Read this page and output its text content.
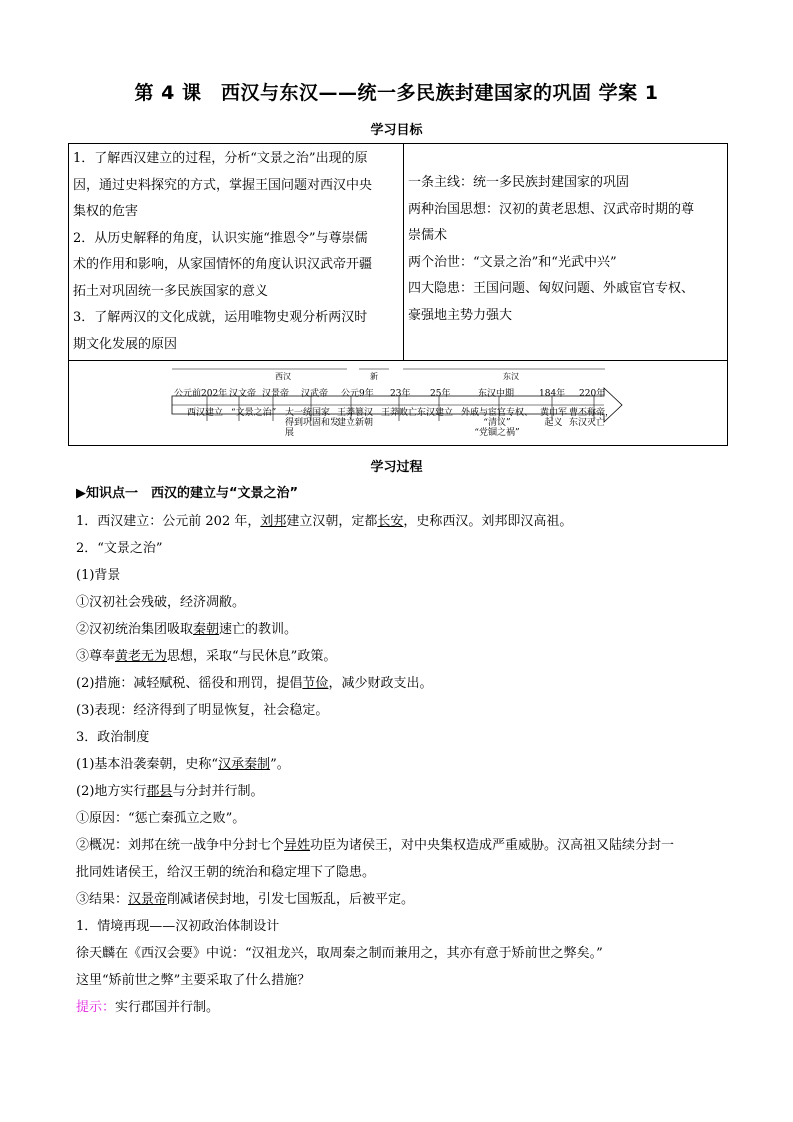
第 4 课　西汉与东汉——统一多民族封建国家的巩固 学案 1
学习目标
1．了解西汉建立的过程，分析“文景之治”出现的原
因，通过史料探究的方式，掌握王国问题对西汉中央
集权的危害
2．从历史解释的角度，认识实施“推恩令”与尊崇儒
术的作用和影响，从家国情怀的角度认识汉武帝开疆
拓土对巩固统一多民族国家的意义
3．了解两汉的文化成就，运用唯物史观分析两汉时
期文化发展的原因

一条主线：统一多民族封建国家的巩固
两种治国思想：汉初的黄老思想、汉武帝时期的尊
崇儒术
两个治世：“文景之治”和“光武中兴”
四大隐患：王国问题、匈奴问题、外戚宦官专权、
豪强地主势力强大

西汉	新	东汉
公元前202年 汉文帝 汉景帝 汉武帝 公元9年 23年 25年	东汉中期	184年 220年
西汉建立 “文景之治” 大一统国家
得到巩固和发
展
王莽篡汉
建立新朝
王莽败亡 东汉建立 外戚与宦官专权、
“清议”
“党锢之祸”
黄巾军
起义
曹丕称帝，
东汉灭亡
学习过程
▶知识点一　西汉的建立与“文景之治”
1．西汉建立：公元前 202 年，刘邦建立汉朝，定都长安，史称西汉。刘邦即汉高祖。
2．“文景之治”
(1)背景
①汉初社会残破，经济凋敝。
②汉初统治集团吸取秦朝速亡的教训。
③尊奉黄老无为思想，采取“与民休息”政策。
(2)措施：减轻赋税、徭役和刑罚，提倡节俭，减少财政支出。
(3)表现：经济得到了明显恢复，社会稳定。
3．政治制度
(1)基本沿袭秦朝，史称“汉承秦制”。
(2)地方实行郡县与分封并行制。
①原因：“惩亡秦孤立之败”。
②概况：刘邦在统一战争中分封七个异姓功臣为诸侯王，对中央集权造成严重威胁。汉高祖又陆续分封一
批同姓诸侯王，给汉王朝的统治和稳定埋下了隐患。
③结果：汉景帝削减诸侯封地，引发七国叛乱，后被平定。
1．情境再现——汉初政治体制设计
徐天麟在《西汉会要》中说：“汉祖龙兴，取周秦之制而兼用之，其亦有意于矫前世之弊矣。”
这里“矫前世之弊”主要采取了什么措施？
提示：实行郡国并行制。
